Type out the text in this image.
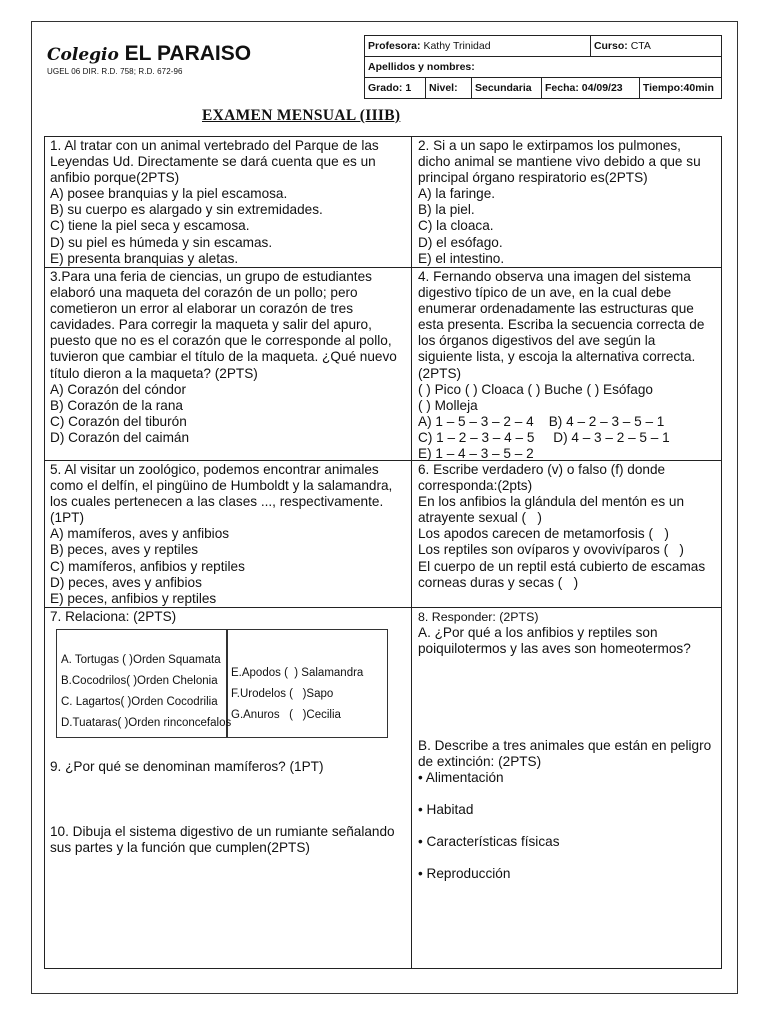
Colegio EL PARAISO
UGEL 06 DIR. R.D. 758; R.D. 672-96
Profesora: Kathy Trinidad				Curso: CTA	
Apellidos y nombres:					
Grado: 1	Nivel:	Secundaria	Fecha: 04/09/23		Tiempo:40min
EXAMEN MENSUAL (IIIB)
1. Al tratar con un animal vertebrado del Parque de las
Leyendas Ud. Directamente se dará cuenta que es un
anfibio porque(2PTS)
A) posee branquias y la piel escamosa.
B) su cuerpo es alargado y sin extremidades.
C) tiene la piel seca y escamosa.
D) su piel es húmeda y sin escamas.
E) presenta branquias y aletas.
2. Si a un sapo le extirpamos los pulmones,
dicho animal se mantiene vivo debido a que su
principal órgano respiratorio es(2PTS)
A) la faringe.
B) la piel.
C) la cloaca.
D) el esófago.
E) el intestino.
3.Para una feria de ciencias, un grupo de estudiantes
elaboró una maqueta del corazón de un pollo; pero
cometieron un error al elaborar un corazón de tres
cavidades. Para corregir la maqueta y salir del apuro,
puesto que no es el corazón que le corresponde al pollo,
tuvieron que cambiar el título de la maqueta. ¿Qué nuevo
título dieron a la maqueta? (2PTS)
A) Corazón del cóndor
B) Corazón de la rana
C) Corazón del tiburón
D) Corazón del caimán
4. Fernando observa una imagen del sistema
digestivo típico de un ave, en la cual debe
enumerar ordenadamente las estructuras que
esta presenta. Escriba la secuencia correcta de
los órganos digestivos del ave según la
siguiente lista, y escoja la alternativa correcta.
(2PTS)
( ) Pico ( ) Cloaca ( ) Buche ( ) Esófago
( ) Molleja
A) 1 – 5 – 3 – 2 – 4    B) 4 – 2 – 3 – 5 – 1
C) 1 – 2 – 3 – 4 – 5     D) 4 – 3 – 2 – 5 – 1
E) 1 – 4 – 3 – 5 – 2
5. Al visitar un zoológico, podemos encontrar animales
como el delfín, el pingüino de Humboldt y la salamandra,
los cuales pertenecen a las clases ..., respectivamente.
(1PT)
A) mamíferos, aves y anfibios
B) peces, aves y reptiles
C) mamíferos, anfibios y reptiles
D) peces, aves y anfibios
E) peces, anfibios y reptiles
6. Escribe verdadero (v) o falso (f) donde
corresponda:(2pts)
En los anfibios la glándula del mentón es un
atrayente sexual (   )
Los apodos carecen de metamorfosis (   )
Los reptiles son ovíparos y ovovivíparos (   )
El cuerpo de un reptil está cubierto de escamas
corneas duras y secas (   )
7. Relaciona: (2PTS)
A. Tortugas ( )Orden Squamata
B.Cocodrilos( )Orden Chelonia
C. Lagartos( )Orden Cocodrilia
D.Tuataras( )Orden rinconcefalos
E.Apodos (  ) Salamandra
F.Urodelos (   )Sapo
G.Anuros   (   )Cecilia
9. ¿Por qué se denominan mamíferos? (1PT)
10. Dibuja el sistema digestivo de un rumiante señalando
sus partes y la función que cumplen(2PTS)
8. Responder: (2PTS)
A. ¿Por qué a los anfibios y reptiles son
poiquilotermos y las aves son homeotermos?
B. Describe a tres animales que están en peligro
de extinción: (2PTS)
• Alimentación
• Habitad
• Características físicas
• Reproducción
